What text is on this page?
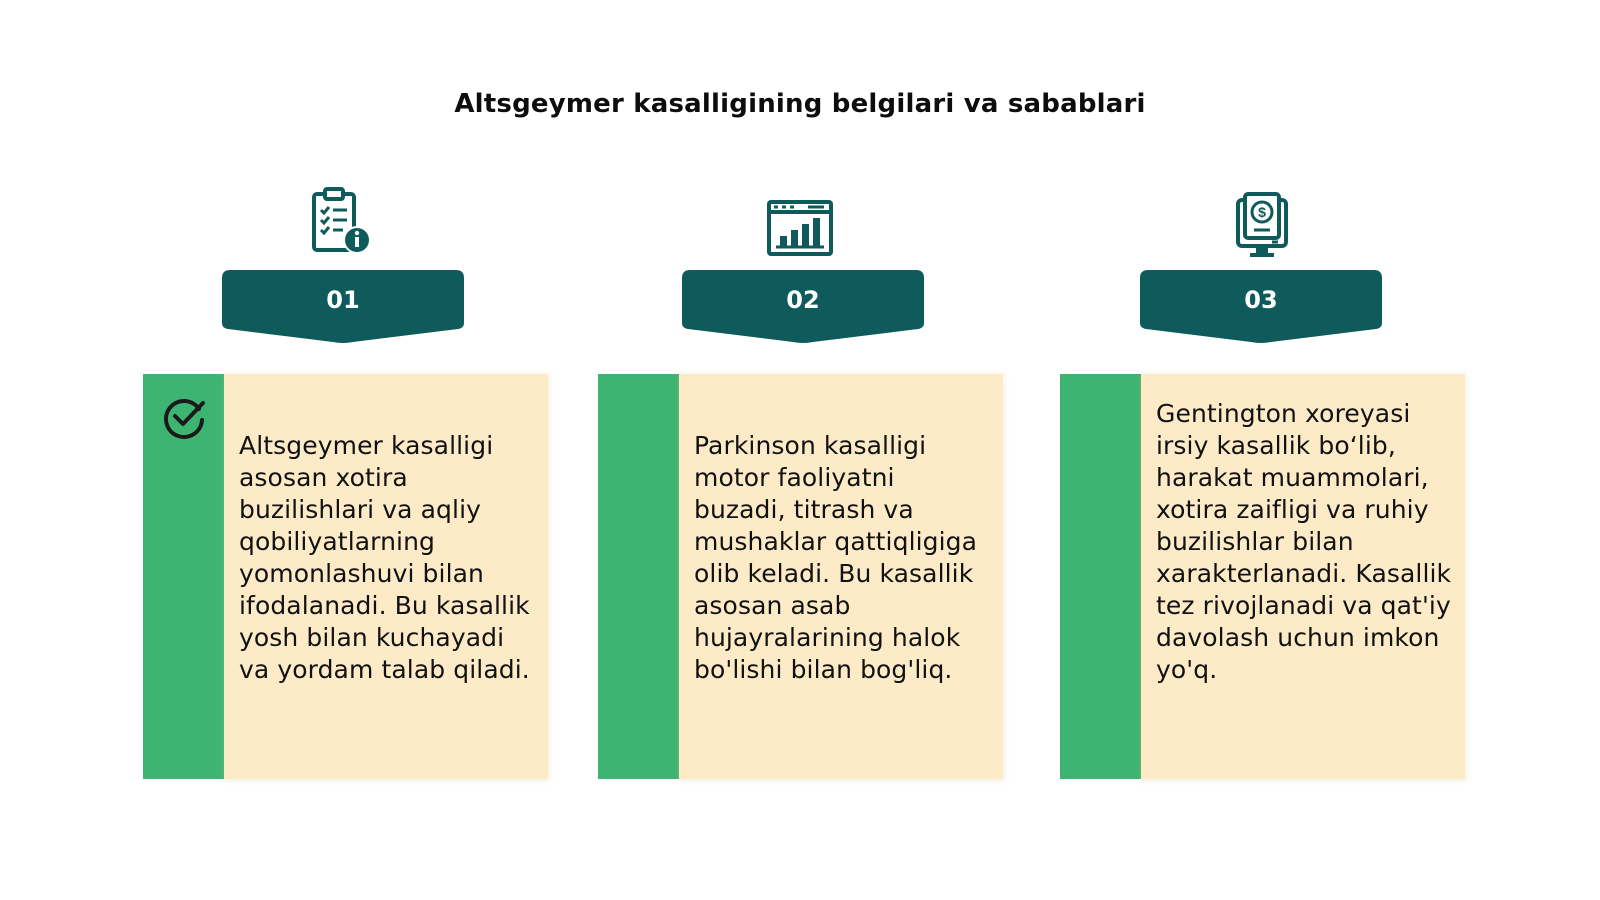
Altsgeymer kasalligining belgilari va sabablari
01
Altsgeymer kasalligi asosan xotira buzilishlari va aqliy qobiliyatlarning yomonlashuvi bilan ifodalanadi. Bu kasallik yosh bilan kuchayadi va yordam talab qiladi.
02
Parkinson kasalligi motor faoliyatni buzadi, titrash va mushaklar qattiqligiga olib keladi. Bu kasallik asosan asab hujayralarining halok bo'lishi bilan bog'liq.
$
03
Gentington xoreyasi irsiy kasallik bo‘lib, harakat muammolari, xotira zaifligi va ruhiy buzilishlar bilan xarakterlanadi. Kasallik tez rivojlanadi va qat'iy davolash uchun imkon yo'q.
